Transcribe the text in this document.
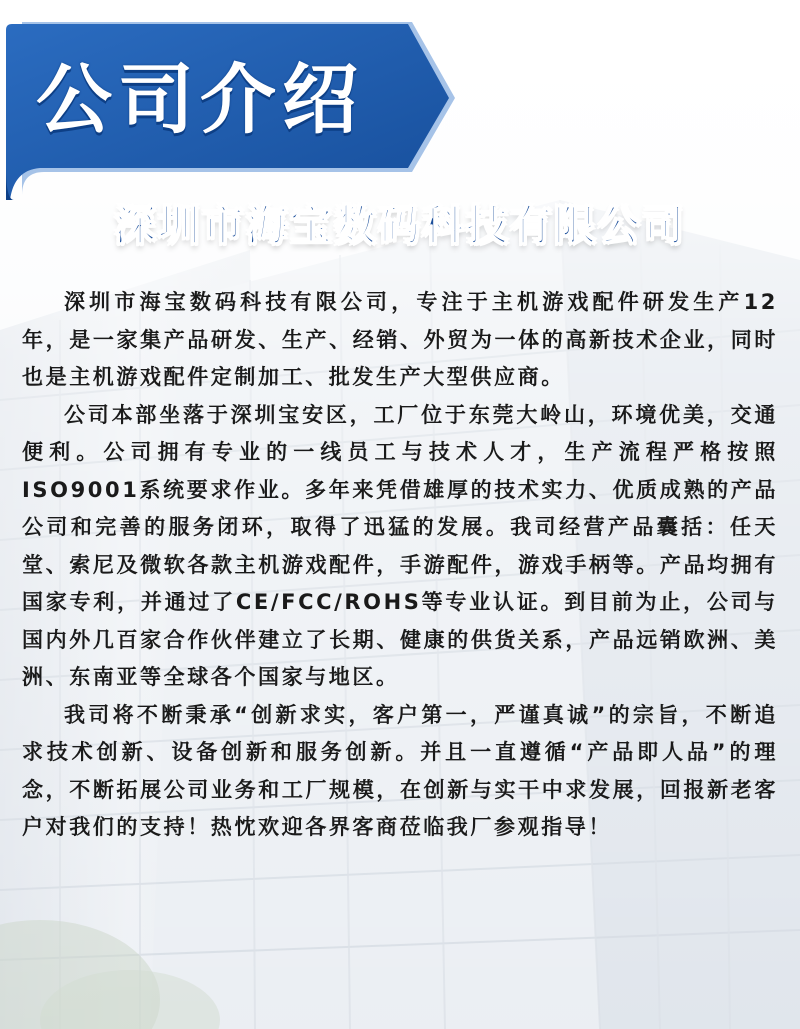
公司介绍
深圳市海宝数码科技有限公司

深圳市海宝数码科技有限公司，专注于主机游戏配件研发生产12年，是一家集产品研发、生产、经销、外贸为一体的高新技术企业，同时也是主机游戏配件定制加工、批发生产大型供应商。

公司本部坐落于深圳宝安区，工厂位于东莞大岭山，环境优美，交通便利。公司拥有专业的一线员工与技术人才，生产流程严格按照ISO9001系统要求作业。多年来凭借雄厚的技术实力、优质成熟的产品公司和完善的服务闭环，取得了迅猛的发展。我司经营产品囊括：任天堂、索尼及微软各款主机游戏配件，手游配件，游戏手柄等。产品均拥有国家专利，并通过了CE/FCC/ROHS等专业认证。到目前为止，公司与国内外几百家合作伙伴建立了长期、健康的供货关系，产品远销欧洲、美洲、东南亚等全球各个国家与地区。

我司将不断秉承“创新求实，客户第一，严谨真诚”的宗旨，不断追求技术创新、设备创新和服务创新。并且一直遵循“产品即人品”的理念，不断拓展公司业务和工厂规模，在创新与实干中求发展，回报新老客户对我们的支持！热忱欢迎各界客商莅临我厂参观指导！
